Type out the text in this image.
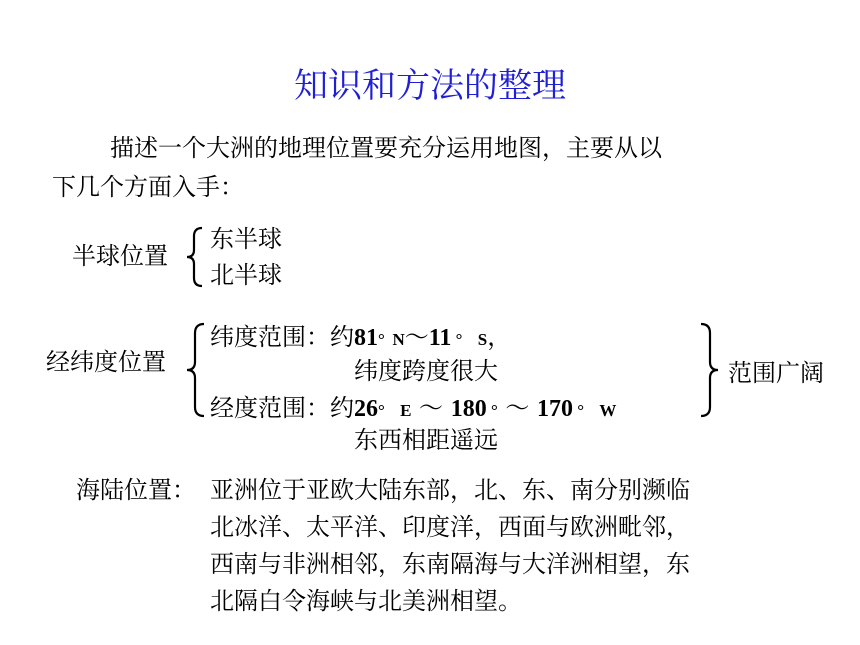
知识和方法的整理
描述一个大洲的地理位置要充分运用地图，主要从以
下几个方面入手：
半球位置
东半球
北半球
经纬度位置
纬度范围：约81° N～11 ° S，
纬度跨度很大
经度范围：约26° E ～ 180 ° ～ 170 ° W
东西相距遥远
范围广阔
海陆位置： 亚洲位于亚欧大陆东部，北、东、南分别濒临
北冰洋、太平洋、印度洋，西面与欧洲毗邻，
西南与非洲相邻，东南隔海与大洋洲相望，东
北隔白令海峡与北美洲相望。
